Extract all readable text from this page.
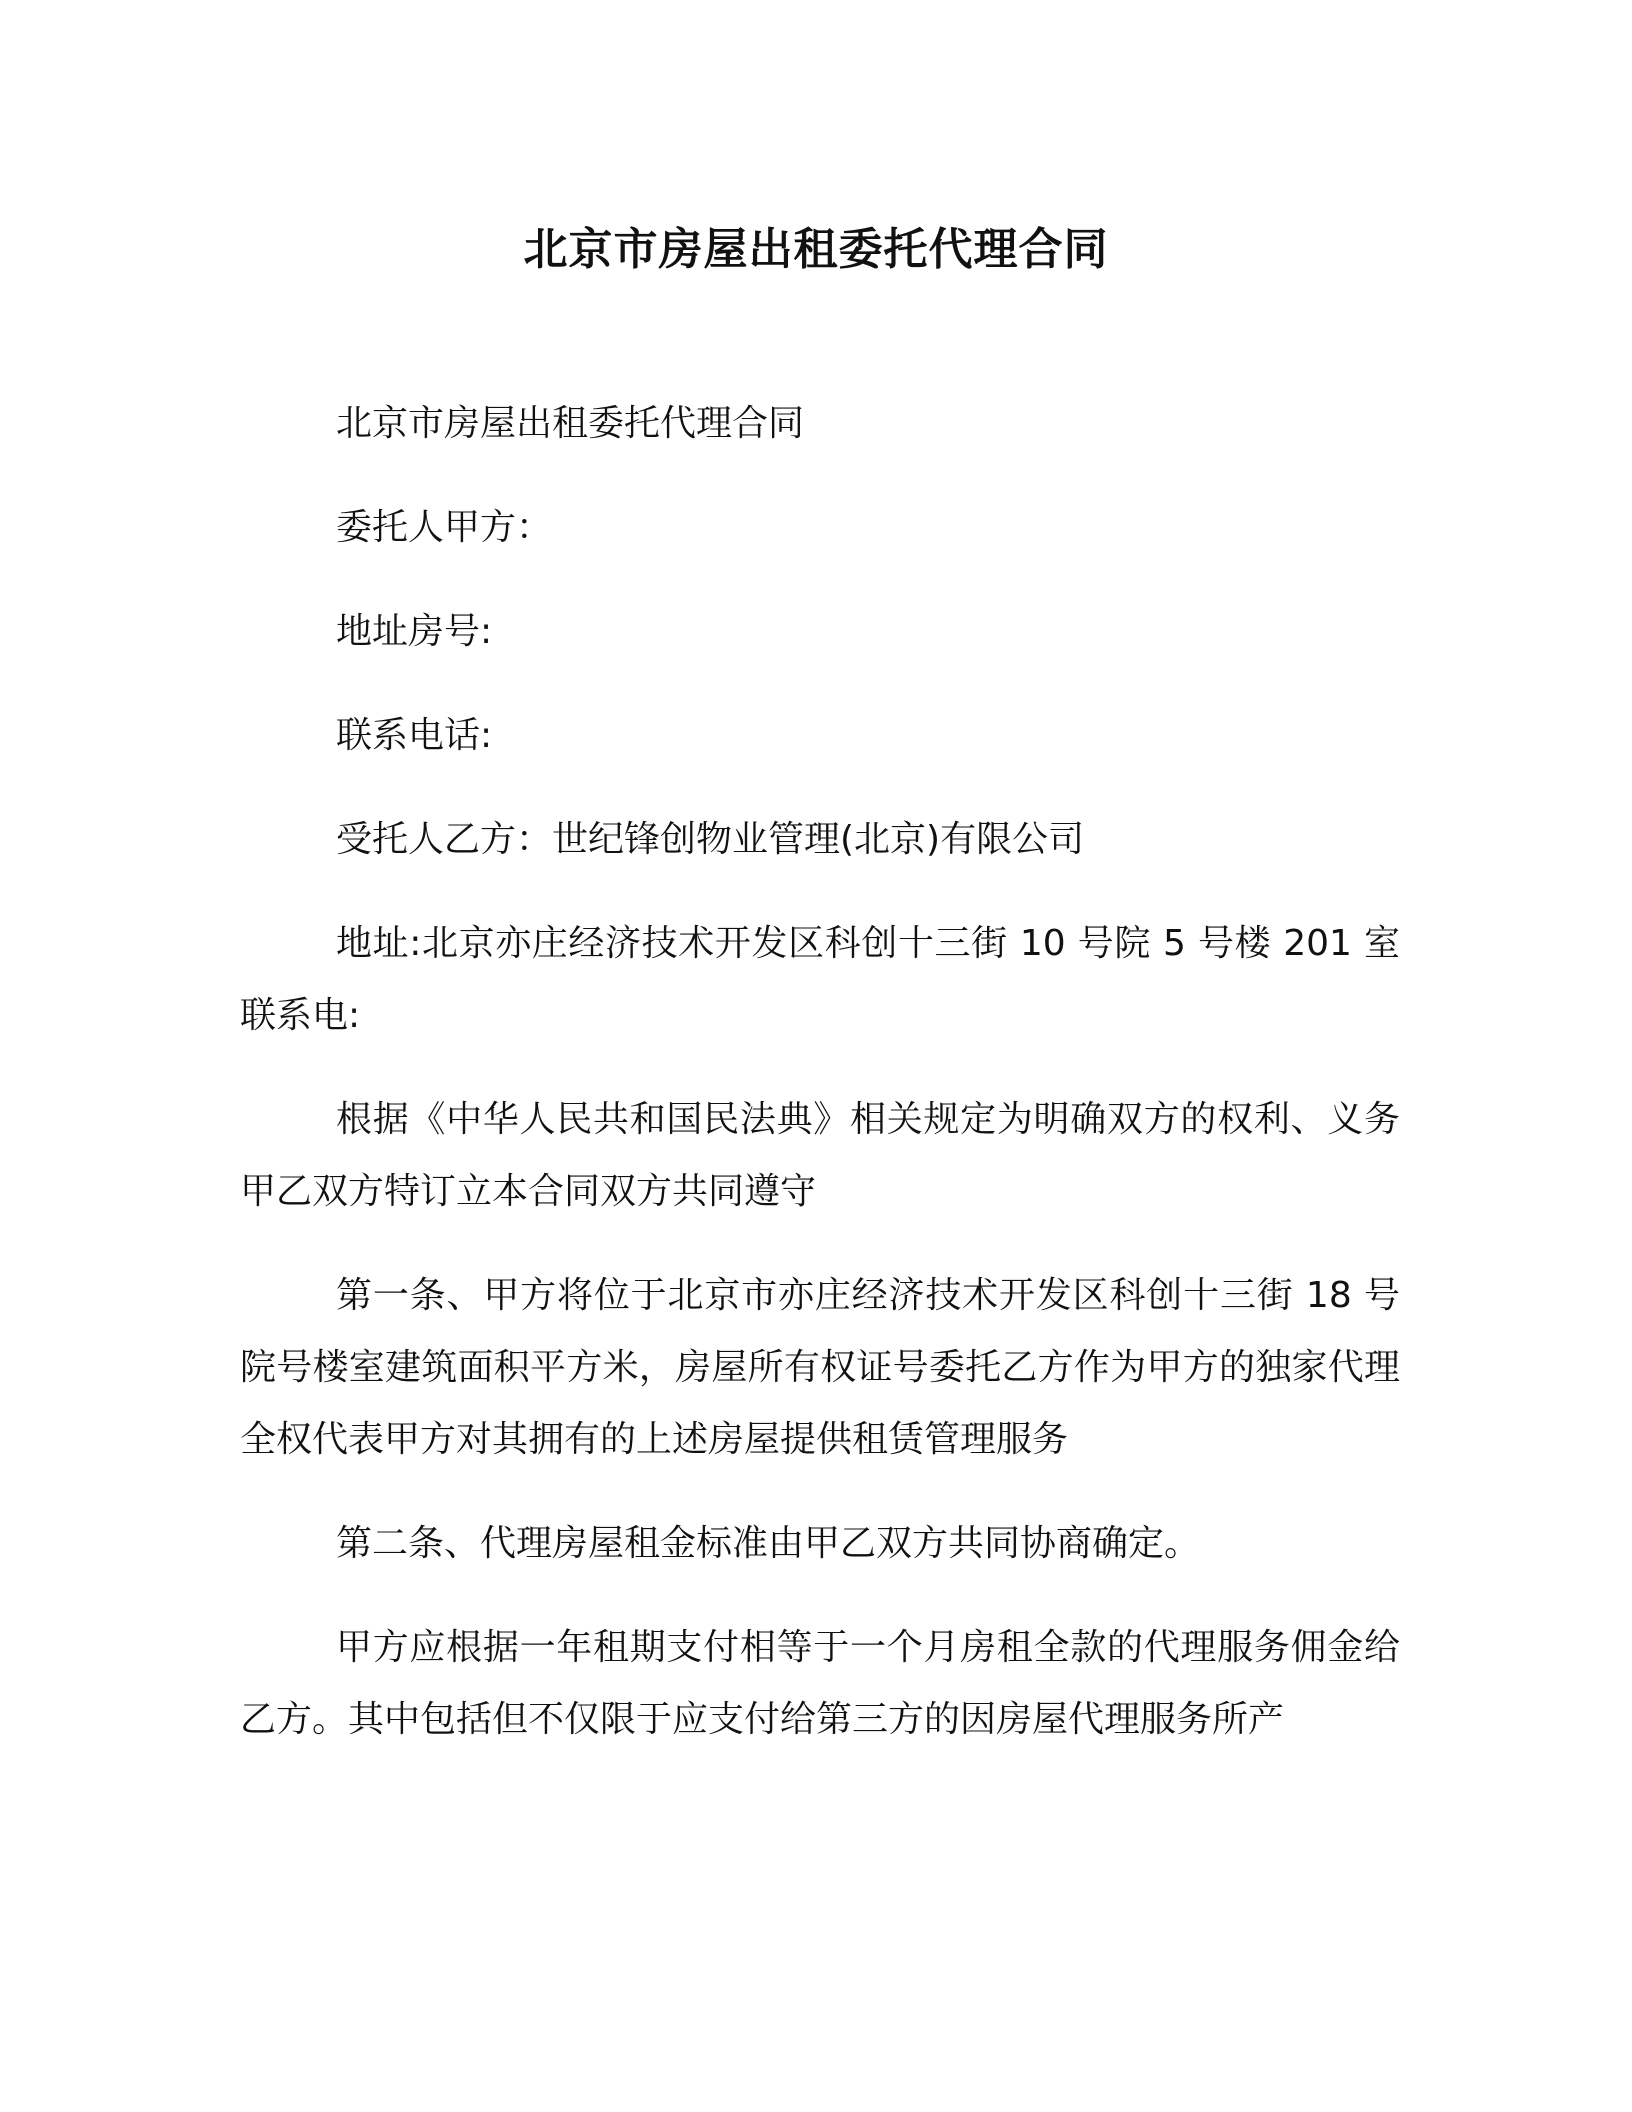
北京市房屋出租委托代理合同

北京市房屋出租委托代理合同

委托人甲方：

地址房号:

联系电话:

受托人乙方：世纪锋创物业管理(北京)有限公司

地址:北京亦庄经济技术开发区科创十三街 10 号院 5 号楼 201 室联系电:

根据《中华人民共和国民法典》相关规定为明确双方的权利、义务甲乙双方特订立本合同双方共同遵守

第一条、甲方将位于北京市亦庄经济技术开发区科创十三街 18 号院号楼室建筑面积平方米，房屋所有权证号委托乙方作为甲方的独家代理全权代表甲方对其拥有的上述房屋提供租赁管理服务

第二条、代理房屋租金标准由甲乙双方共同协商确定。

甲方应根据一年租期支付相等于一个月房租全款的代理服务佣金给乙方。其中包括但不仅限于应支付给第三方的因房屋代理服务所产
